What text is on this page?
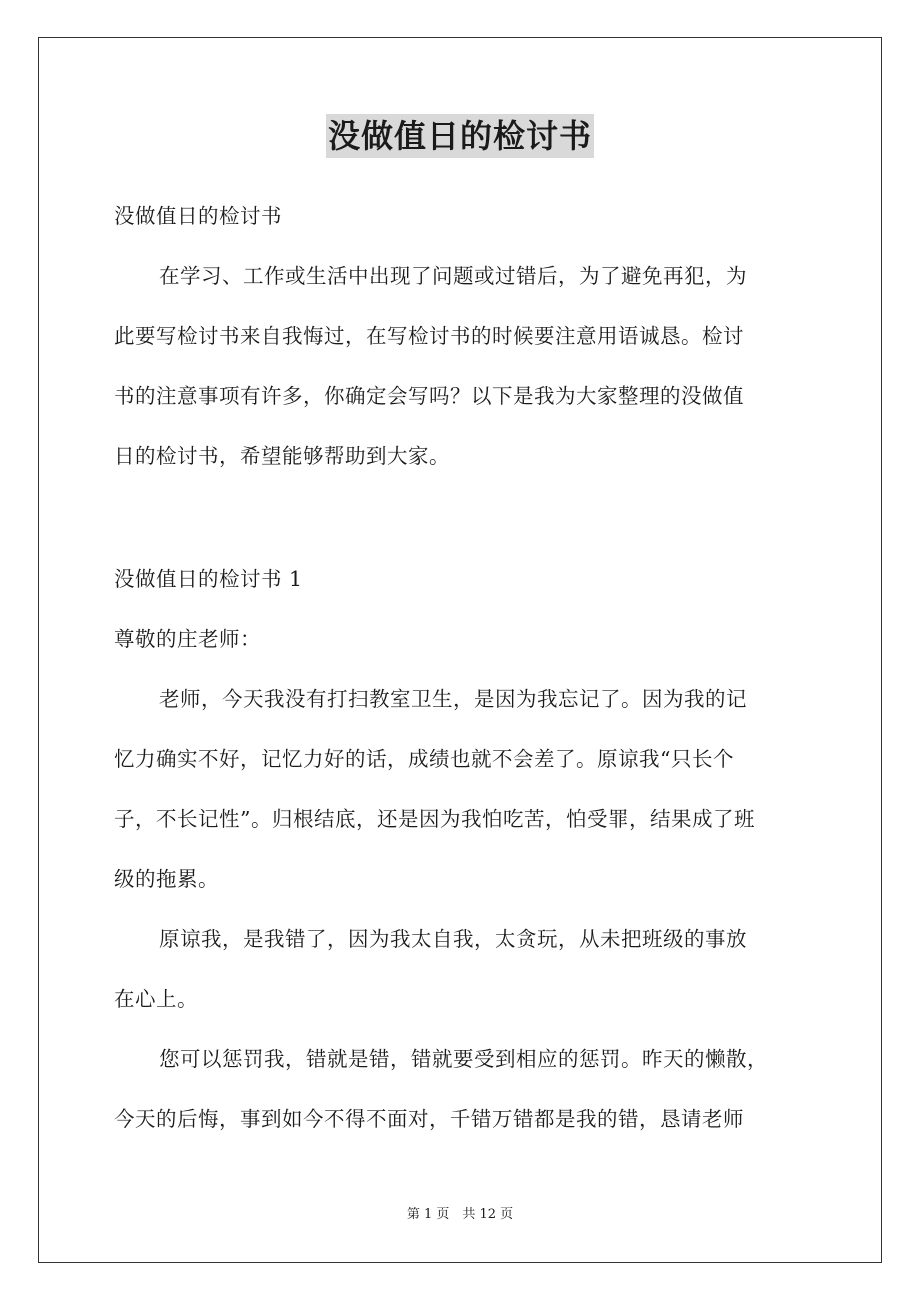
没做值日的检讨书
没做值日的检讨书
在学习、工作或生活中出现了问题或过错后，为了避免再犯，为
此要写检讨书来自我悔过，在写检讨书的时候要注意用语诚恳。检讨
书的注意事项有许多，你确定会写吗？以下是我为大家整理的没做值
日的检讨书，希望能够帮助到大家。
没做值日的检讨书 1
尊敬的庄老师：
老师，今天我没有打扫教室卫生，是因为我忘记了。因为我的记
忆力确实不好，记忆力好的话，成绩也就不会差了。原谅我“只长个
子，不长记性”。归根结底，还是因为我怕吃苦，怕受罪，结果成了班
级的拖累。
原谅我，是我错了，因为我太自我，太贪玩，从未把班级的事放
在心上。
您可以惩罚我，错就是错，错就要受到相应的惩罚。昨天的懒散，
今天的后悔，事到如今不得不面对，千错万错都是我的错，恳请老师
第 1 页　共 12 页
